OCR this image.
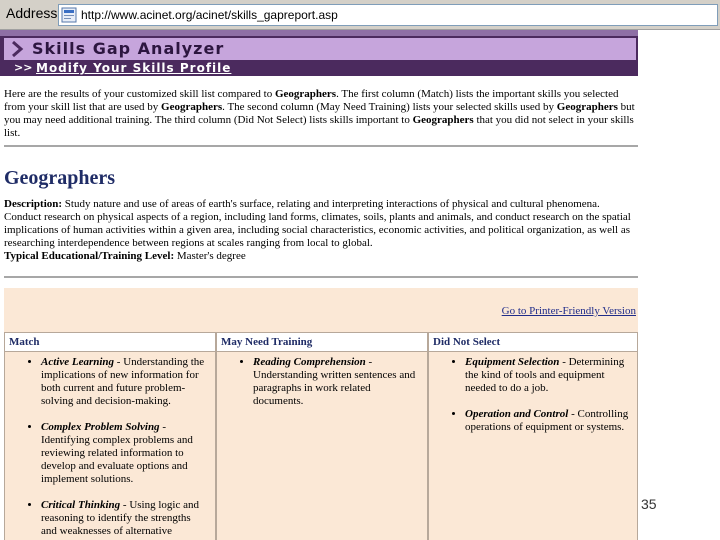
Address http://www.acinet.org/acinet/skills_gapreport.asp
Skills Gap Analyzer
>> Modify Your Skills Profile
Here are the results of your customized skill list compared to Geographers. The first column (Match) lists the important skills you selected from your skill list that are used by Geographers. The second column (May Need Training) lists your selected skills used by Geographers but you may need additional training. The third column (Did Not Select) lists skills important to Geographers that you did not select in your skills list.
Geographers
Description: Study nature and use of areas of earth's surface, relating and interpreting interactions of physical and cultural phenomena. Conduct research on physical aspects of a region, including land forms, climates, soils, plants and animals, and conduct research on the spatial implications of human activities within a given area, including social characteristics, economic activities, and political organization, as well as researching interdependence between regions at scales ranging from local to global.
Typical Educational/Training Level: Master's degree
Go to Printer-Friendly Version
Match
• Active Learning - Understanding the implications of new information for both current and future problem-solving and decision-making.
• Complex Problem Solving - Identifying complex problems and reviewing related information to develop and evaluate options and implement solutions.
• Critical Thinking - Using logic and reasoning to identify the strengths and weaknesses of alternative
May Need Training
• Reading Comprehension - Understanding written sentences and paragraphs in work related documents.
Did Not Select
• Equipment Selection - Determining the kind of tools and equipment needed to do a job.
• Operation and Control - Controlling operations of equipment or systems.
35
